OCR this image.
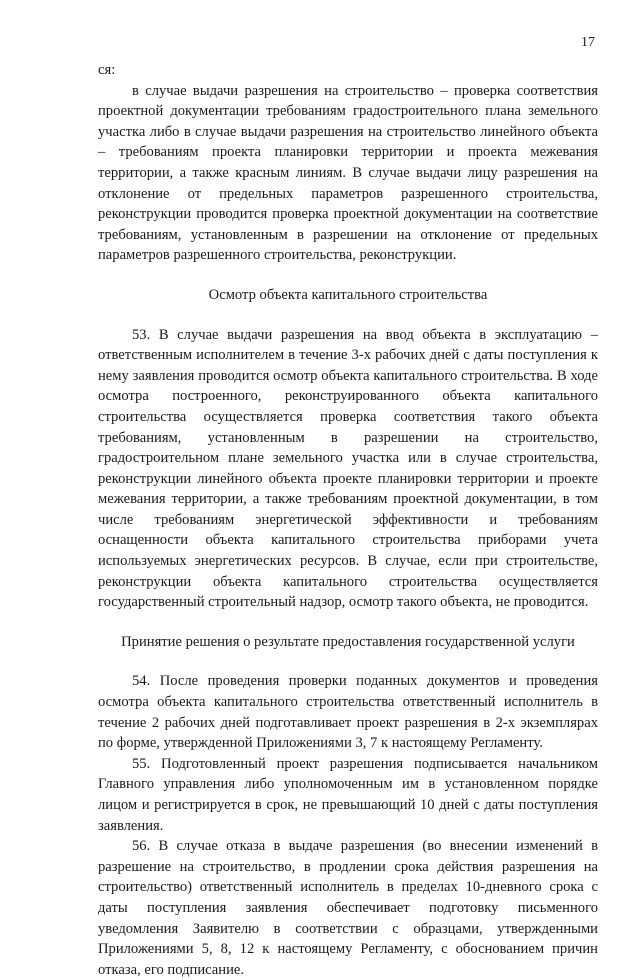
17

ся:

в случае выдачи разрешения на строительство – проверка соответствия проектной документации требованиям градостроительного плана земельного участка либо в случае выдачи разрешения на строительство линейного объекта – требованиям проекта планировки территории и проекта межевания территории, а также красным линиям. В случае выдачи лицу разрешения на отклонение от предельных параметров разрешенного строительства, реконструкции проводится проверка проектной документации на соответствие требованиям, установленным в разрешении на отклонение от предельных параметров разрешенного строительства, реконструкции.

Осмотр объекта капитального строительства

53. В случае выдачи разрешения на ввод объекта в эксплуатацию – ответственным исполнителем в течение 3-х рабочих дней с даты поступления к нему заявления проводится осмотр объекта капитального строительства. В ходе осмотра построенного, реконструированного объекта капитального строительства осуществляется проверка соответствия такого объекта требованиям, установленным в разрешении на строительство, градостроительном плане земельного участка или в случае строительства, реконструкции линейного объекта проекте планировки территории и проекте межевания территории, а также требованиям проектной документации, в том числе требованиям энергетической эффективности и требованиям оснащенности объекта капитального строительства приборами учета используемых энергетических ресурсов. В случае, если при строительстве, реконструкции объекта капитального строительства осуществляется государственный строительный надзор, осмотр такого объекта, не проводится.

Принятие решения о результате предоставления государственной услуги

54. После проведения проверки поданных документов и проведения осмотра объекта капитального строительства ответственный исполнитель в течение 2 рабочих дней подготавливает проект разрешения в 2-х экземплярах по форме, утвержденной Приложениями 3, 7 к настоящему Регламенту.

55. Подготовленный проект разрешения подписывается начальником Главного управления либо уполномоченным им в установленном порядке лицом и регистрируется в срок, не превышающий 10 дней с даты поступления заявления.

56. В случае отказа в выдаче разрешения (во внесении изменений в разрешение на строительство, в продлении срока действия разрешения на строительство) ответственный исполнитель в пределах 10-дневного срока с даты поступления заявления обеспечивает подготовку письменного уведомления Заявителю в соответствии с образцами, утвержденными Приложениями 5, 8, 12 к настоящему Регламенту, с обоснованием причин отказа, его подписание.
